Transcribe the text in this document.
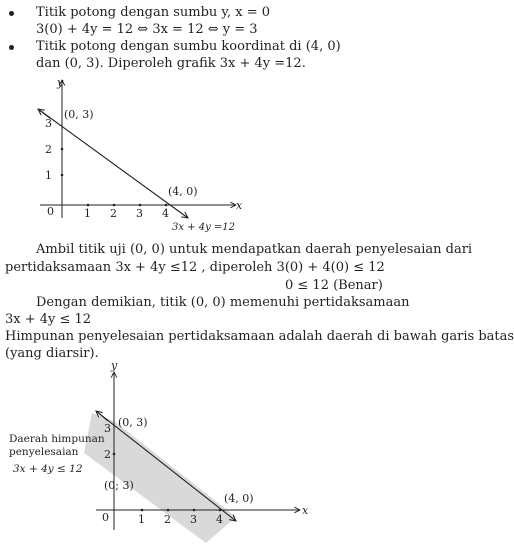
Titik potong dengan sumbu y, x = 0
3(0) + 4y = 12 ⇔ 3x = 12 ⇔ y = 3
Titik potong dengan sumbu koordinat di (4, 0)
dan (0, 3). Diperoleh grafik 3x + 4y =12.
y
x
1
2
3
0	1 2 3 4
(0, 3)
(4, 0)
3x + 4y =12
Ambil titik uji (0, 0) untuk mendapatkan daerah penyelesaian dari
pertidaksamaan 3x + 4y ≤12 , diperoleh 3(0) + 4(0) ≤ 12
0 ≤ 12 (Benar)
Dengan demikian, titik (0, 0) memenuhi pertidaksamaan
3x + 4y ≤ 12
Himpunan penyelesaian pertidaksamaan adalah daerah di bawah garis batas
(yang diarsir).
y
x
2
3
0	1 2 3 4
(0, 3)
(0; 3)
(4, 0)
Daerah himpunan
penyelesaian
3x + 4y ≤ 12
